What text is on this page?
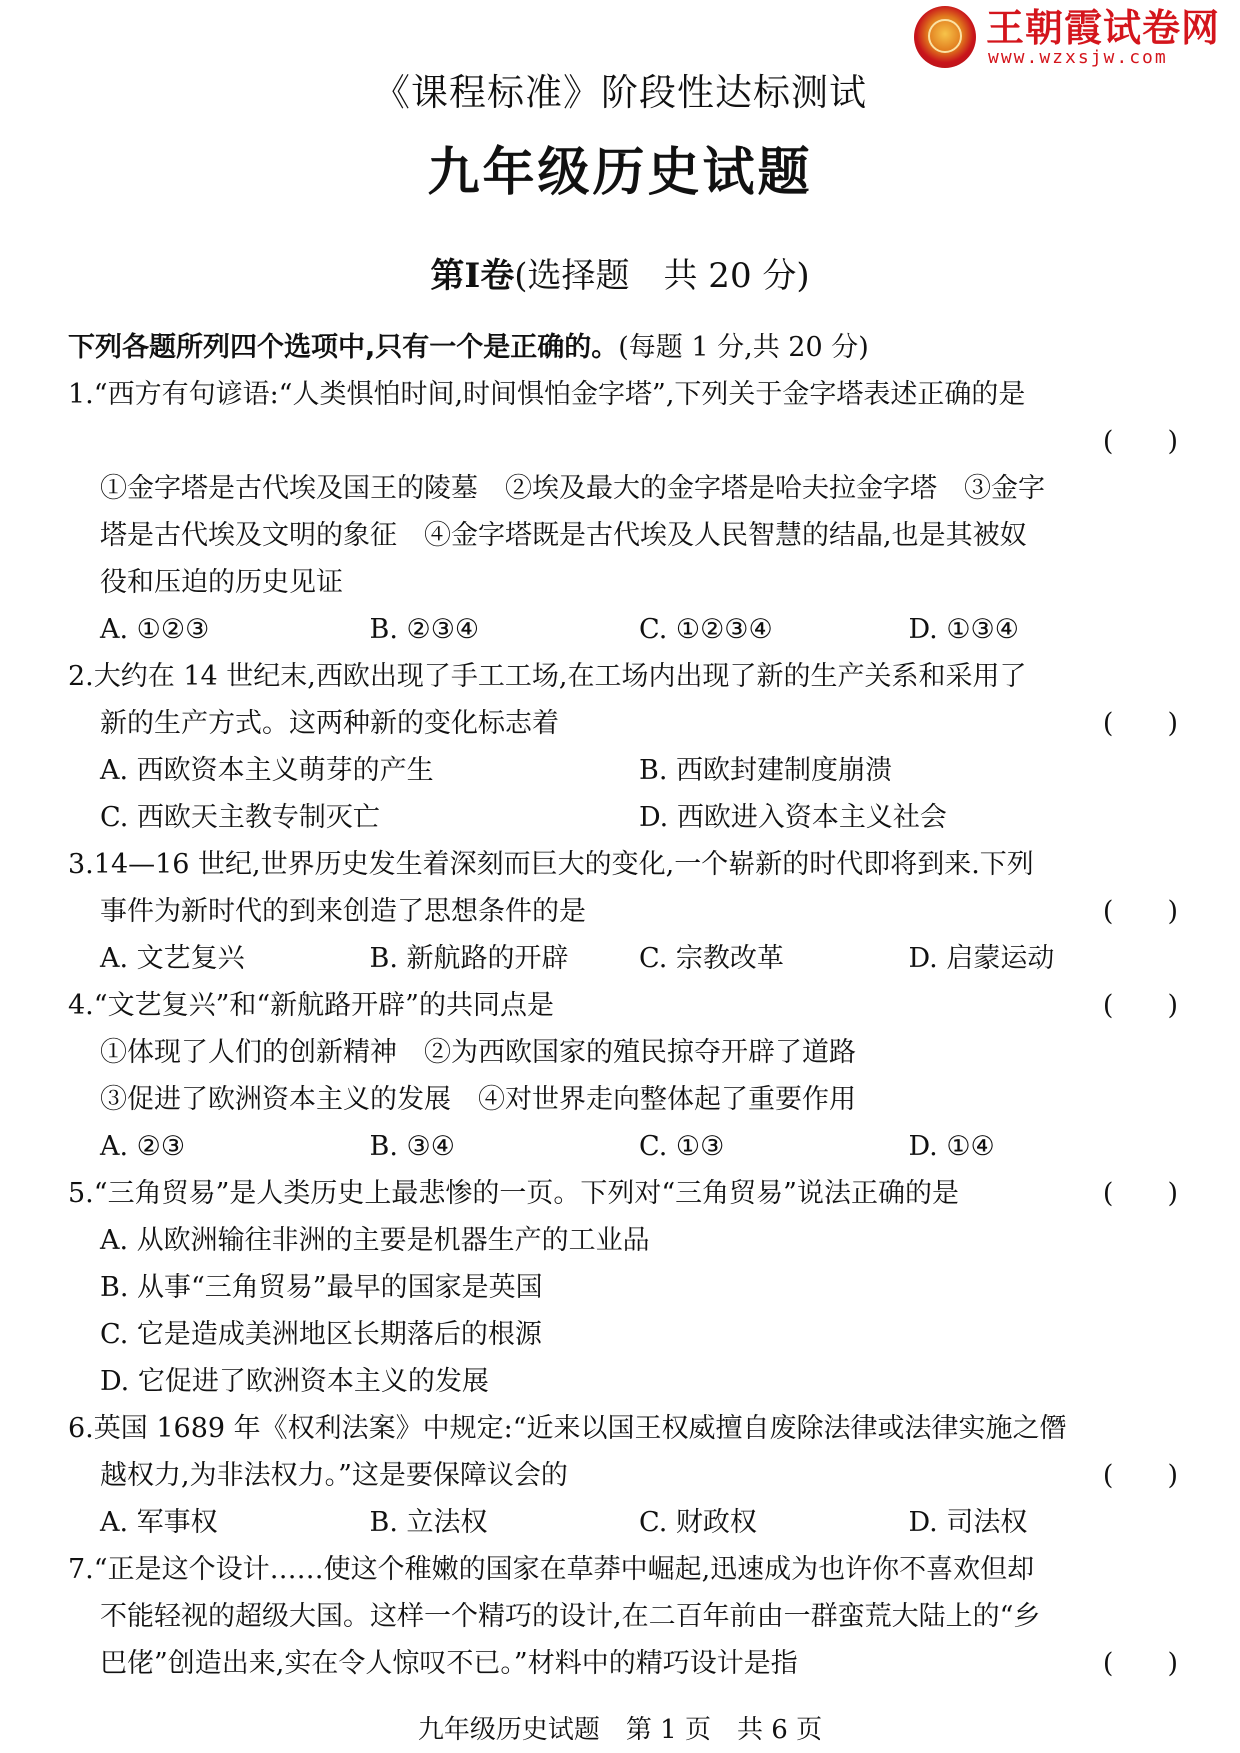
王朝霞试卷网
www.wzxsjw.com
《课程标准》阶段性达标测试
九年级历史试题
第Ⅰ卷(选择题　共 20 分)
下列各题所列四个选项中,只有一个是正确的。(每题 1 分,共 20 分)
1.“西方有句谚语:“人类惧怕时间,时间惧怕金字塔”,下列关于金字塔表述正确的是
(　　)
①金字塔是古代埃及国王的陵墓　②埃及最大的金字塔是哈夫拉金字塔　③金字
塔是古代埃及文明的象征　④金字塔既是古代埃及人民智慧的结晶,也是其被奴
役和压迫的历史见证
A. ①②③	B. ②③④	C. ①②③④	D. ①③④
2.大约在 14 世纪末,西欧出现了手工工场,在工场内出现了新的生产关系和采用了
新的生产方式。这两种新的变化标志着	(　　)
A. 西欧资本主义萌芽的产生	B. 西欧封建制度崩溃
C. 西欧天主教专制灭亡	D. 西欧进入资本主义社会
3.14—16 世纪,世界历史发生着深刻而巨大的变化,一个崭新的时代即将到来.下列
事件为新时代的到来创造了思想条件的是	(　　)
A. 文艺复兴	B. 新航路的开辟	C. 宗教改革	D. 启蒙运动
4.“文艺复兴”和“新航路开辟”的共同点是	(　　)
①体现了人们的创新精神　②为西欧国家的殖民掠夺开辟了道路
③促进了欧洲资本主义的发展　④对世界走向整体起了重要作用
A. ②③	B. ③④	C. ①③	D. ①④
5.“三角贸易”是人类历史上最悲惨的一页。下列对“三角贸易”说法正确的是	(　　)
A. 从欧洲输往非洲的主要是机器生产的工业品
B. 从事“三角贸易”最早的国家是英国
C. 它是造成美洲地区长期落后的根源
D. 它促进了欧洲资本主义的发展
6.英国 1689 年《权利法案》中规定:“近来以国王权威擅自废除法律或法律实施之僭
越权力,为非法权力。”这是要保障议会的	(　　)
A. 军事权	B. 立法权	C. 财政权	D. 司法权
7.“正是这个设计……使这个稚嫩的国家在草莽中崛起,迅速成为也许你不喜欢但却
不能轻视的超级大国。这样一个精巧的设计,在二百年前由一群蛮荒大陆上的“乡
巴佬”创造出来,实在令人惊叹不已。”材料中的精巧设计是指	(　　)
九年级历史试题　第 1 页　共 6 页
